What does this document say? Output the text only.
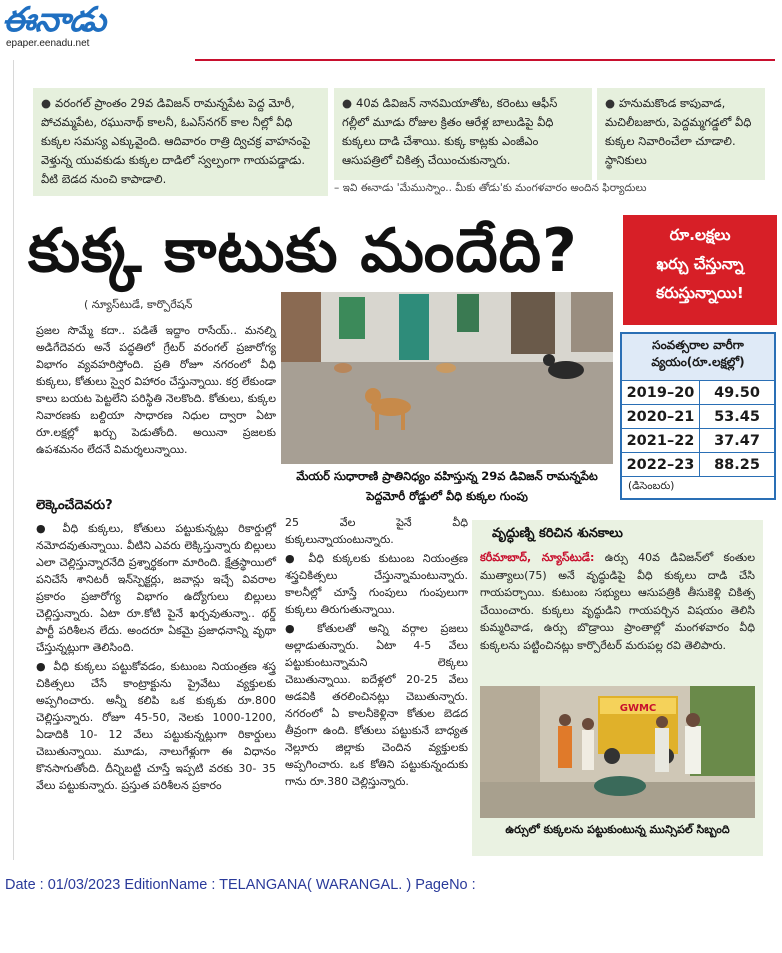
ఈనాడు
epaper.eenadu.net
● వరంగల్ ప్రాంతం 29వ డివిజన్ రామన్నపేట పెద్ద మోరీ, పోచమ్మపేట, రఘునాథ్ కాలనీ, ఓఎస్‌నగర్ కాల నీల్లో వీధి కుక్కల సమస్య ఎక్కువైంది. ఆదివారం రాత్రి ద్విచక్ర వాహనంపై వెళ్తున్న యువకుడు కుక్కల దాడిలో స్వల్పంగా గాయపడ్డాడు. వీటి బెడద నుంచి కాపాడాలి.
● 40వ డివిజన్ నానమియాతోట, కరెంటు ఆఫీస్ గల్లీలో మూడు రోజుల క్రితం ఆరేళ్ల బాలుడిపై వీధి కుక్కలు దాడి చేశాయి. కుక్క కాట్లకు ఎంజీఎం ఆసుపత్రిలో చికిత్స చేయించుకున్నారు.
● హనుమకొండ కాపువాడ, మచిలీబజారు, పెద్దమ్మగడ్డలో వీధి కుక్కల నివారించేలా చూడాలి. స్థానికులు
– ఇవి ఈనాడు 'మేముస్నాం.. మీకు తోడు'కు మంగళవారం అందిన ఫిర్యాదులు
కుక్క కాటుకు మందేది?	రూ.లక్షలు
ఖర్చు చేస్తున్నా
కరుస్తున్నాయి!
( న్యూస్‌టుడే, కార్పొరేషన్
ప్రజల సొమ్మే కదా.. పడితే ఇద్దాం రాసేయ్.. మనల్ని అడిగేదెవరు అనే పద్ధతిలో గ్రేటర్ వరంగల్ ప్రజారోగ్య విభాగం వ్యవహరిస్తోంది. ప్రతి రోజూ నగరంలో వీధి కుక్కలు, కోతులు స్వైర విహారం చేస్తున్నాయి. కర్ర లేకుండా కాలు బయట పెట్టలేని పరిస్థితి నెలకొంది. కోతులు, కుక్కల నివారణకు బల్దియా సాధారణ నిధుల ద్వారా ఏటా రూ.లక్షల్లో ఖర్చు పెడుతోంది. అయినా ప్రజలకు ఉపశమనం లేదనే విమర్శలున్నాయి.
లెక్కెంచేదెవరు?

● వీధి కుక్కలు, కోతులు పట్టుకున్నట్లు రికార్డుల్లో నమోదవుతున్నాయి. వీటిని ఎవరు లెక్కిస్తున్నారు బిల్లులు ఎలా చెల్లిస్తున్నారనేది ప్రశ్నార్థకంగా మారింది. క్షేత్రస్థాయిలో పనిచేసే శానిటరీ ఇన్‌స్పెక్టర్లు, జవాన్లు ఇచ్చే వివరాల ప్రకారం ప్రజారోగ్య విభాగం ఉద్యోగులు బిల్లులు చెల్లిస్తున్నారు. ఏటా రూ.కోటి పైనే ఖర్చవుతున్నా.. థర్డ్ పార్టీ పరిశీలన లేదు. అందరూ ఏకమై ప్రజాధనాన్ని వృథా చేస్తున్నట్లుగా తెలిసింది.

● వీధి కుక్కలు పట్టుకోవడం, కుటుంబ నియంత్రణ శస్త్ర చికిత్సలు చేసే కాంట్రాక్టును ప్రైవేటు వ్యక్తులకు అప్పగించారు. అన్నీ కలిపి ఒక కుక్కకు రూ.800 చెల్లిస్తున్నారు. రోజూ 45-50, నెలకు 1000-1200, ఏడాదికి 10- 12 వేలు పట్టుకున్నట్లుగా రికార్డులు చెబుతున్నాయి. మూడు, నాలుగేళ్లుగా ఈ విధానం కొనసాగుతోంది. దీన్నిబట్టి చూస్తే ఇప్పటి వరకు 30- 35 వేలు పట్టుకున్నారు. ప్రస్తుత పరిశీలన ప్రకారం

25 వేల పైనే వీధి కుక్కలున్నాయంటున్నారు.

● వీధి కుక్కలకు కుటుంబ నియంత్రణ శస్త్రచికిత్సలు చేస్తున్నామంటున్నారు. కాలనీల్లో చూస్తే గుంపులు గుంపులుగా కుక్కలు తిరుగుతున్నాయి.

● కోతులతో అన్ని వర్గాల ప్రజలు అల్లాడుతున్నారు. ఏటా 4-5 వేలు పట్టుకుంటున్నామని లెక్కలు చెబుతున్నాయి. ఐదేళ్లలో 20-25 వేలు అడవికి తరలించినట్లు చెబుతున్నారు. నగరంలో ఏ కాలనీకెళ్లినా కోతుల బెడద తీవ్రంగా ఉంది. కోతులు పట్టుకునే బాధ్యత నెల్లూరు జిల్లాకు చెందిన వ్యక్తులకు అప్పగించారు. ఒక కోతిని పట్టుకున్నందుకు గాను రూ.380 చెల్లిస్తున్నారు.

మేయర్ సుధారాణి ప్రాతినిధ్యం వహిస్తున్న 29వ డివిజన్ రామన్నపేట పెద్దమోరీ రోడ్డులో వీధి కుక్కల గుంపు
సంవత్సరాల వారీగా వ్యయం(రూ.లక్షల్లో)
2019–20	49.50
2020–21	53.45
2021–22	37.47
2022–23	88.25
(డిసెంబరు)
వృద్ధుణ్ని కరిచిన శునకాలు
కరీమాబాద్, న్యూస్‌టుడే: ఉర్సు 40వ డివిజన్‌లో కంతుల ముత్యాలు(75) అనే వృద్ధుడిపై వీధి కుక్కలు దాడి చేసి గాయపర్చాయి. కుటుంబ సభ్యులు ఆసుపత్రికి తీసుకెళ్లి చికిత్స చేయించారు. కుక్కలు వృద్ధుడిని గాయపర్చిన విషయం తెలిసి కుమ్మరివాడ, ఉర్సు బొడ్రాయి ప్రాంతాల్లో మంగళవారం వీధి కుక్కలను పట్టించినట్లు కార్పొరేటర్ మరుపల్ల రవి తెలిపారు.
GWMC
ఉర్సులో కుక్కలను పట్టుకుంటున్న మున్సిపల్ సిబ్బంది
Date : 01/03/2023 EditionName : TELANGANA( WARANGAL. ) PageNo :
